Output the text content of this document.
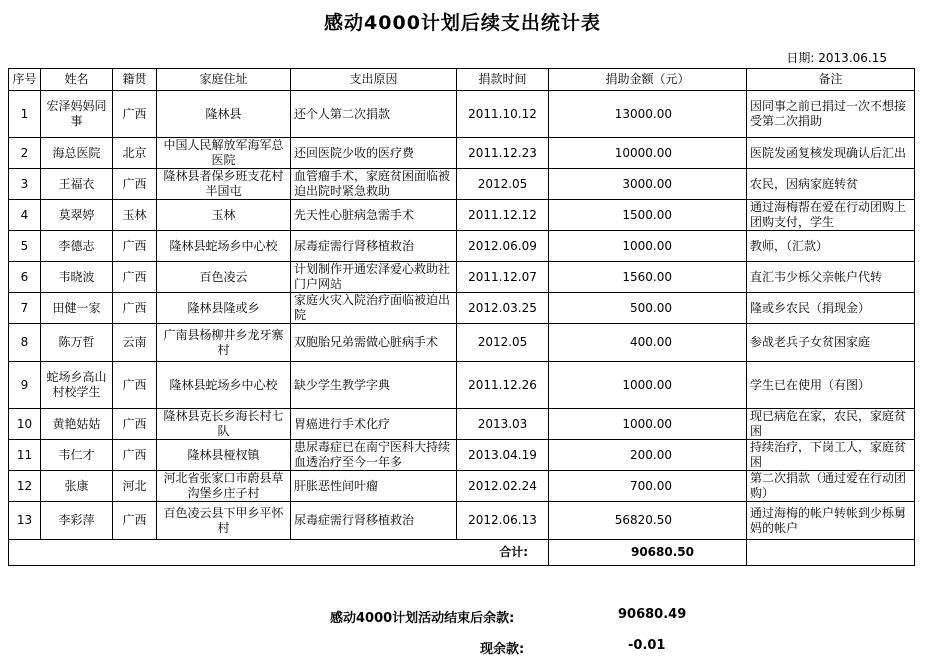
感动4000计划后续支出统计表
日期: 2013.06.15
序号	姓名	籍贯	家庭住址	支出原因	捐款时间	捐助金额（元）	备注
1	宏泽妈妈同事	广西	隆林县	还个人第二次捐款	2011.10.12	13000.00	因同事之前已捐过一次不想接受第二次捐助
2	海总医院	北京	中国人民解放军海军总医院	还回医院少收的医疗费	2011.12.23	10000.00	医院发函复核发现确认后汇出
3	王福衣	广西	隆林县者保乡班支花村半国屯	血管瘤手术，家庭贫困面临被迫出院时紧急救助	2012.05	3000.00	农民，因病家庭转贫
4	莫翠婷	玉林	玉林	先天性心脏病急需手术	2011.12.12	1500.00	通过海梅帮在爱在行动团购上团购支付，学生
5	李德志	广西	隆林县蛇场乡中心校	尿毒症需行肾移植救治	2012.06.09	1000.00	教师，（汇款）
6	韦晓波	广西	百色凌云	计划制作开通宏泽爱心救助社门户网站	2011.12.07	1560.00	直汇韦少栎父亲帐户代转
7	田健一家	广西	隆林县隆或乡	家庭火灾入院治疗面临被迫出院	2012.03.25	500.00	隆或乡农民（捐现金）
8	陈万哲	云南	广南县杨柳井乡龙牙寨村	双胞胎兄弟需做心脏病手术	2012.05	400.00	参战老兵子女贫困家庭
9	蛇场乡高山村校学生	广西	隆林县蛇场乡中心校	缺少学生教学字典	2011.12.26	1000.00	学生已在使用（有图）
10	黄艳姑姑	广西	隆林县克长乡海长村七队	胃癌进行手术化疗	2013.03	1000.00	现已病危在家，农民，家庭贫困
11	韦仁才	广西	隆林县桠杈镇	患尿毒症已在南宁医科大持续血透治疗至今一年多	2013.04.19	200.00	持续治疗，下岗工人，家庭贫困
12	张康	河北	河北省张家口市蔚县草沟堡乡庄子村	肝胀恶性间叶瘤	2012.02.24	700.00	第二次捐款（通过爱在行动团购）
13	李彩萍	广西	百色凌云县下甲乡平怀村	尿毒症需行肾移植救治	2012.06.13	56820.50	通过海梅的帐户转帐到少栎舅妈的帐户
合计:						90680.50	
感动4000计划活动结束后余款:	90680.49
现余款:	-0.01
